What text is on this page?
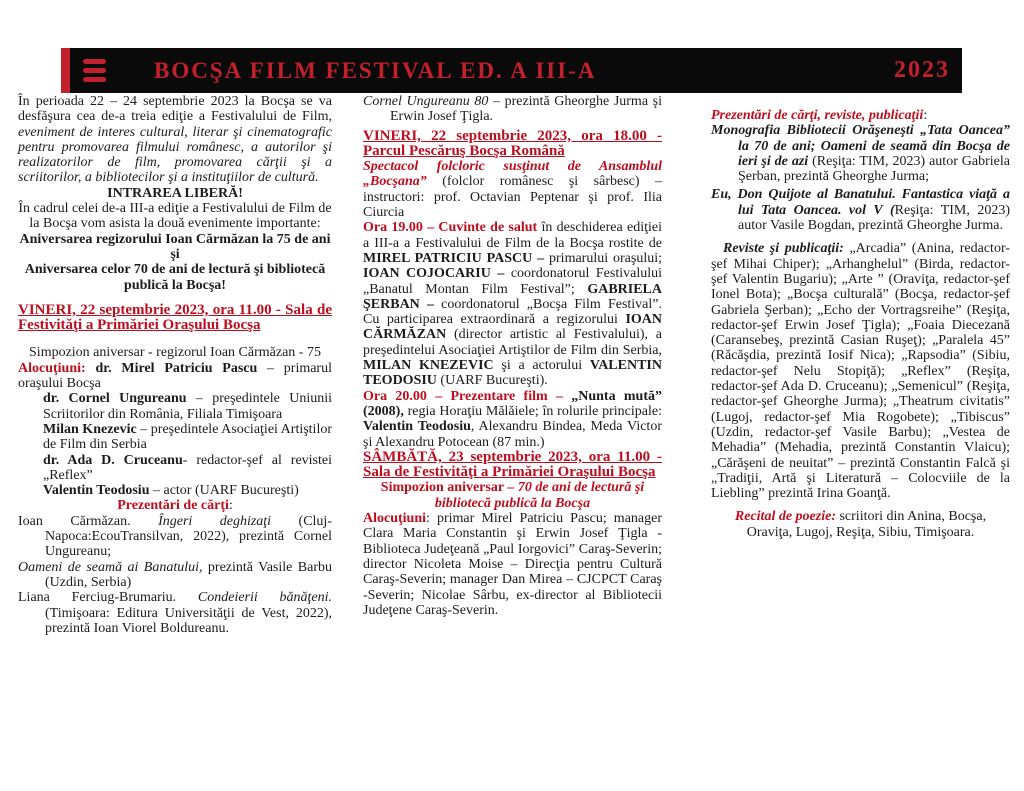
BOCŞA FILM FESTIVAL ED. A III-A	2023

În perioada 22 – 24 septembrie 2023 la Bocşa se va desfăşura cea de-a treia ediţie a Festivalului de Film, eveniment de interes cultural, literar şi cinematografic pentru promovarea filmului românesc, a autorilor şi realizatorilor de film, promovarea cărţii şi a scriitorilor, a bibliotecilor şi a instituţiilor de cultură.

INTRAREA LIBERĂ!

În cadrul celei de-a III-a ediţie a Festivalului de Film de la Bocşa vom asista la două evenimente importante:

Aniversarea regizorului Ioan Cărmăzan la 75 de ani

şi

Aniversarea celor 70 de ani de lectură şi bibliotecă publică la Bocşa!

VINERI, 22 septembrie 2023, ora 11.00 - Sala de Festivităţi a Primăriei Oraşului Bocşa

Simpozion aniversar - regizorul Ioan Cărmăzan - 75

Alocuţiuni: dr. Mirel Patriciu Pascu – primarul oraşului Bocşa

dr. Cornel Ungureanu – preşedintele Uniunii Scriitorilor din România, Filiala Timişoara

Milan Knezevic – preşedintele Asociaţiei Artiştilor de Film din Serbia

dr. Ada D. Cruceanu- redactor-şef al revistei „Reflex”

Valentin Teodosiu – actor (UARF Bucureşti)

Prezentări de cărţi:

Ioan Cărmăzan. Îngeri deghizaţi (Cluj-Napoca:EcouTransilvan, 2022), prezintă Cornel Ungureanu;

Oameni de seamă ai Banatului, prezintă Vasile Barbu (Uzdin, Serbia)

Liana Ferciug-Brumariu. Condeierii bănăţeni. (Timişoara: Editura Universităţii de Vest, 2022), prezintă Ioan Viorel Boldureanu.

Cornel Ungureanu 80 – prezintă Gheorghe Jurma şi Erwin Josef Ţigla.

VINERI, 22 septembrie 2023, ora 18.00 - Parcul Pescăruş Bocşa Română

Spectacol folcloric susţinut de Ansamblul „Bocşana” (folclor românesc şi sârbesc) – instructori: prof. Octavian Peptenar şi prof. Ilia Ciurcia

Ora 19.00 – Cuvinte de salut în deschiderea ediţiei a III-a a Festivalului de Film de la Bocşa rostite de MIREL PATRICIU PASCU – primarului oraşului; IOAN COJOCARIU – coordonatorul Festivalului „Banatul Montan Film Festival”; GABRIELA ŞERBAN – coordonatorul „Bocşa Film Festival”. Cu participarea extraordinară a regizorului IOAN CĂRMĂZAN (director artistic al Festivalului), a preşedintelui Asociaţiei Artiştilor de Film din Serbia, MILAN KNEZEVIC şi a actorului VALENTIN TEODOSIU (UARF Bucureşti).

Ora 20.00 – Prezentare film – „Nunta mută” (2008), regia Horaţiu Mălăiele; în rolurile principale: Valentin Teodosiu, Alexandru Bindea, Meda Victor şi Alexandru Potocean (87 min.)

SÂMBĂTĂ, 23 septembrie 2023, ora 11.00 - Sala de Festivităţi a Primăriei Oraşului Bocşa

Simpozion aniversar – 70 de ani de lectură şi bibliotecă publică la Bocşa

Alocuţiuni: primar Mirel Patriciu Pascu; manager Clara Maria Constantin şi Erwin Josef Ţigla - Biblioteca Judeţeană „Paul Iorgovici” Caraş-Severin; director Nicoleta Moise – Direcţia pentru Cultură Caraş-Severin; manager Dan Mirea – CJCPCT Caraş -Severin; Nicolae Sârbu, ex-director al Bibliotecii Judeţene Caraş-Severin.

Prezentări de cărţi, reviste, publicaţii:

Monografia Bibliotecii Orăşeneşti „Tata Oancea” la 70 de ani; Oameni de seamă din Bocşa de ieri şi de azi (Reşiţa: TIM, 2023) autor Gabriela Şerban, prezintă Gheorghe Jurma;

Eu, Don Quijote al Banatului. Fantastica viaţă a lui Tata Oancea. vol V (Reşiţa: TIM, 2023) autor Vasile Bogdan, prezintă Gheorghe Jurma.

Reviste şi publicaţii: „Arcadia” (Anina, redactor-şef Mihai Chiper); „Arhanghelul” (Birda, redactor-şef Valentin Bugariu); „Arte ” (Oraviţa, redactor-şef Ionel Bota); „Bocşa culturală” (Bocşa, redactor-şef Gabriela Şerban); „Echo der Vortragsreihe” (Reşiţa, redactor-şef Erwin Josef Ţigla); „Foaia Diecezană (Caransebeş, prezintă Casian Ruşeţ); „Paralela 45” (Răcăşdia, prezintă Iosif Nica); „Rapsodia” (Sibiu, redactor-şef Nelu Stopiţă); „Reflex” (Reşiţa, redactor-şef Ada D. Cruceanu); „Semenicul” (Reşiţa, redactor-şef Gheorghe Jurma); „Theatrum civitatis” (Lugoj, redactor-şef Mia Rogobete); „Tibiscus” (Uzdin, redactor-şef Vasile Barbu); „Vestea de Mehadia” (Mehadia, prezintă Constantin Vlaicu); „Cărăşeni de neuitat” – prezintă Constantin Falcă şi „Tradiţii, Artă şi Literatură – Colocviile de la Liebling” prezintă Irina Goanţă.

Recital de poezie: scriitori din Anina, Bocşa, Oraviţa, Lugoj, Reşiţa, Sibiu, Timişoara.
